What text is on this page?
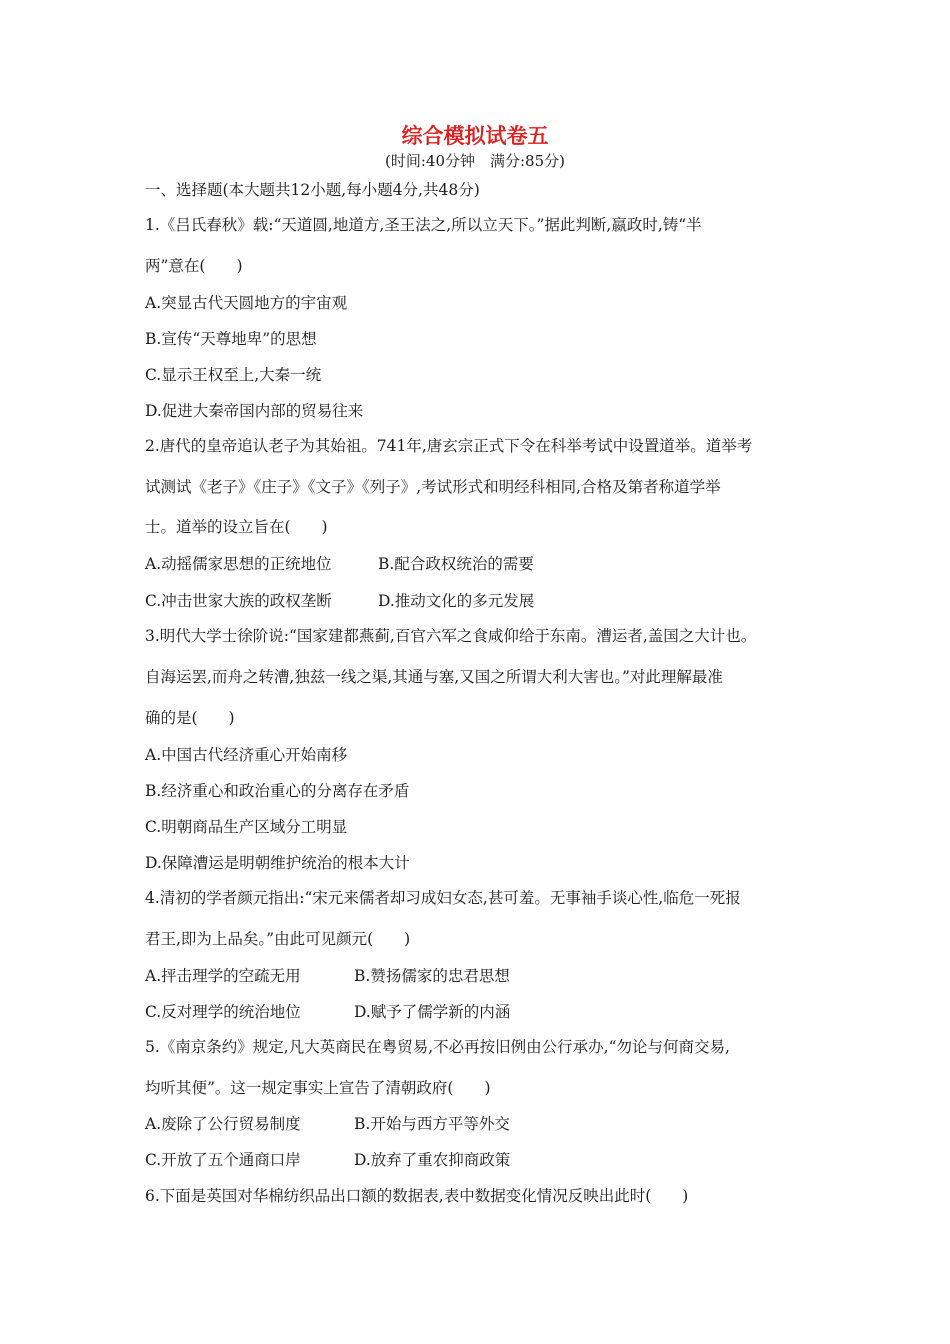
综合模拟试卷五
(时间:40分钟　满分:85分)
一、选择题(本大题共12小题,每小题4分,共48分)
1.《吕氏春秋》载:“天道圆,地道方,圣王法之,所以立天下。”据此判断,嬴政时,铸“半
两”意在(　　)
A.突显古代天圆地方的宇宙观
B.宣传“天尊地卑”的思想
C.显示王权至上,大秦一统
D.促进大秦帝国内部的贸易往来
2.唐代的皇帝追认老子为其始祖。741年,唐玄宗正式下令在科举考试中设置道举。道举考
试测试《老子》《庄子》《文子》《列子》,考试形式和明经科相同,合格及第者称道学举
士。道举的设立旨在(　　)
A.动摇儒家思想的正统地位	B.配合政权统治的需要
C.冲击世家大族的政权垄断	D.推动文化的多元发展
3.明代大学士徐阶说:“国家建都燕蓟,百官六军之食咸仰给于东南。漕运者,盖国之大计也。
自海运罢,而舟之转漕,独兹一线之渠,其通与塞,又国之所谓大利大害也。”对此理解最准
确的是(　　)
A.中国古代经济重心开始南移
B.经济重心和政治重心的分离存在矛盾
C.明朝商品生产区域分工明显
D.保障漕运是明朝维护统治的根本大计
4.清初的学者颜元指出:“宋元来儒者却习成妇女态,甚可羞。无事袖手谈心性,临危一死报
君王,即为上品矣。”由此可见颜元(　　)
A.抨击理学的空疏无用	B.赞扬儒家的忠君思想
C.反对理学的统治地位	D.赋予了儒学新的内涵
5.《南京条约》规定,凡大英商民在粤贸易,不必再按旧例由公行承办,“勿论与何商交易,
均听其便”。这一规定事实上宣告了清朝政府(　　)
A.废除了公行贸易制度	B.开始与西方平等外交
C.开放了五个通商口岸	D.放弃了重农抑商政策
6.下面是英国对华棉纺织品出口额的数据表,表中数据变化情况反映出此时(　　)
